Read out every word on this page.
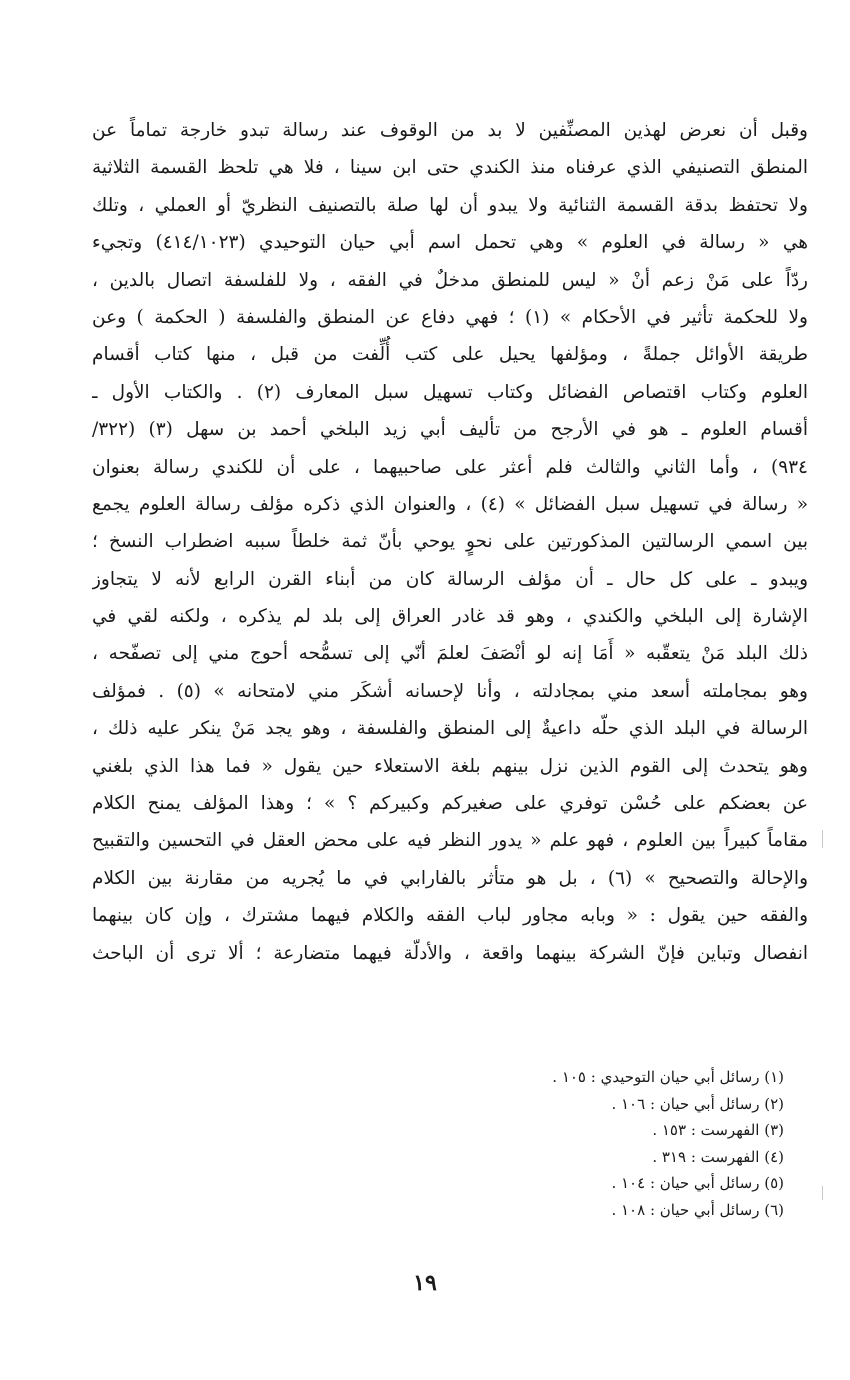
وقبل أن نعرض لهذين المصنِّفين لا بد من الوقوف عند رسالة تبدو خارجة تماماً عن
المنطق التصنيفي الذي عرفناه منذ الكندي حتى ابن سينا ، فلا هي تلحظ القسمة الثلاثية
ولا تحتفظ بدقة القسمة الثنائية ولا يبدو أن لها صلة بالتصنيف النظريّ أو العملي ، وتلك
هي « رسالة في العلوم » وهي تحمل اسم أبي حيان التوحيدي (٤١٤/١٠٢٣) وتجيء
ردّاً على مَنْ زعم أنْ « ليس للمنطق مدخلٌ في الفقه ، ولا للفلسفة اتصال بالدين ،
ولا للحكمة تأثير في الأحكام » (١) ؛ فهي دفاع عن المنطق والفلسفة ( الحكمة ) وعن
طريقة الأوائل جملةً ، ومؤلفها يحيل على كتب أُلِّفت من قبل ، منها كتاب أقسام
العلوم وكتاب اقتصاص الفضائل وكتاب تسهيل سبل المعارف (٢) . والكتاب الأول ـ
أقسام العلوم ـ هو في الأرجح من تأليف أبي زيد البلخي أحمد بن سهل (٣) (٣٢٢/
٩٣٤) ، وأما الثاني والثالث فلم أعثر على صاحبيهما ، على أن للكندي رسالة بعنوان
« رسالة في تسهيل سبل الفضائل » (٤) ، والعنوان الذي ذكره مؤلف رسالة العلوم يجمع
بين اسمي الرسالتين المذكورتين على نحوٍ يوحي بأنّ ثمة خلطاً سببه اضطراب النسخ ؛
ويبدو ـ على كل حال ـ أن مؤلف الرسالة كان من أبناء القرن الرابع لأنه لا يتجاوز
الإشارة إلى البلخي والكندي ، وهو قد غادر العراق إلى بلد لم يذكره ، ولكنه لقي في
ذلك البلد مَنْ يتعقّبه « أَمَا إنه لو أنْصَفَ لعلمَ أنّي إلى تسمُّحه أحوج مني إلى تصفّحه ،
وهو بمجاملته أسعد مني بمجادلته ، وأنا لإحسانه أشكَر مني لامتحانه » (٥) . فمؤلف
الرسالة في البلد الذي حلّه داعيةٌ إلى المنطق والفلسفة ، وهو يجد مَنْ ينكر عليه ذلك ،
وهو يتحدث إلى القوم الذين نزل بينهم بلغة الاستعلاء حين يقول « فما هذا الذي بلغني
عن بعضكم على حُسْن توفري على صغيركم وكبيركم ؟ » ؛ وهذا المؤلف يمنح الكلام
مقاماً كبيراً بين العلوم ، فهو علم « يدور النظر فيه على محض العقل في التحسين والتقبيح
والإحالة والتصحيح » (٦) ، بل هو متأثر بالفارابي في ما يُجريه من مقارنة بين الكلام
والفقه حين يقول : « وبابه مجاور لباب الفقه والكلام فيهما مشترك ، وإن كان بينهما
انفصال وتباين فإنّ الشركة بينهما واقعة ، والأدلّة فيهما متضارعة ؛ ألا ترى أن الباحث
(١) رسائل أبي حيان التوحيدي : ١٠٥ .
(٢) رسائل أبي حيان : ١٠٦ .
(٣) الفهرست : ١٥٣ .
(٤) الفهرست : ٣١٩ .
(٥) رسائل أبي حيان : ١٠٤ .
(٦) رسائل أبي حيان : ١٠٨ .
١٩
